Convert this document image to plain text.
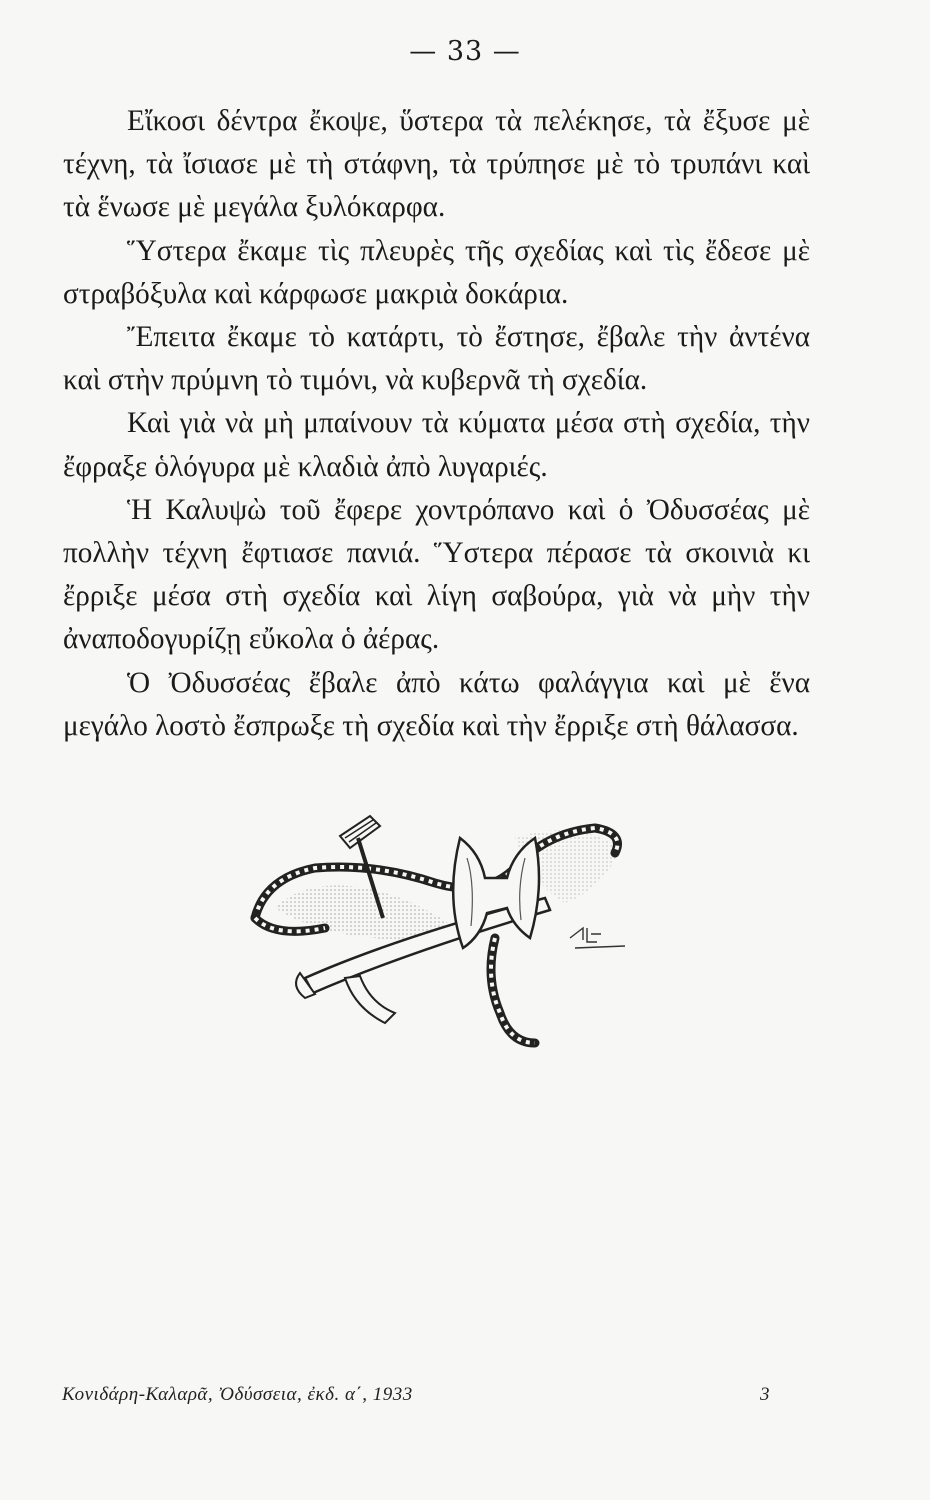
— 33 —

Εἴκοσι δέντρα ἔκοψε, ὕστερα τὰ πελέκησε, τὰ ἔξυσε μὲ τέχνη, τὰ ἴσιασε μὲ τὴ στάφνη, τὰ τρύπησε μὲ τὸ τρυπάνι καὶ τὰ ἕνωσε μὲ μεγάλα ξυλόκαρφα.

Ὕστερα ἔκαμε τὶς πλευρὲς τῆς σχεδίας καὶ τὶς ἔδεσε μὲ στραβόξυλα καὶ κάρφωσε μακριὰ δοκάρια.

Ἔπειτα ἔκαμε τὸ κατάρτι, τὸ ἔστησε, ἔβαλε τὴν ἀντένα καὶ στὴν πρύμνη τὸ τιμόνι, νὰ κυβερνᾶ τὴ σχεδία.

Καὶ γιὰ νὰ μὴ μπαίνουν τὰ κύματα μέσα στὴ σχεδία, τὴν ἔφραξε ὁλόγυρα μὲ κλαδιὰ ἀπὸ λυγαριές.

Ἡ Καλυψὼ τοῦ ἔφερε χοντρόπανο καὶ ὁ Ὀδυσσέας μὲ πολλὴν τέχνη ἔφτιασε πανιά. Ὕστερα πέρασε τὰ σκοινιὰ κι ἔρριξε μέσα στὴ σχεδία καὶ λίγη σαβούρα, γιὰ νὰ μὴν τὴν ἀναποδογυρίζῃ εὔκολα ὁ ἀέρας.

Ὁ Ὀδυσσέας ἔβαλε ἀπὸ κάτω φαλάγγια καὶ μὲ ἕνα μεγάλο λοστὸ ἔσπρωξε τὴ σχεδία καὶ τὴν ἔρριξε στὴ θάλασσα.

Κονιδάρη-Καλαρᾶ, Ὀδύσσεια, ἐκδ. α΄, 1933	3
